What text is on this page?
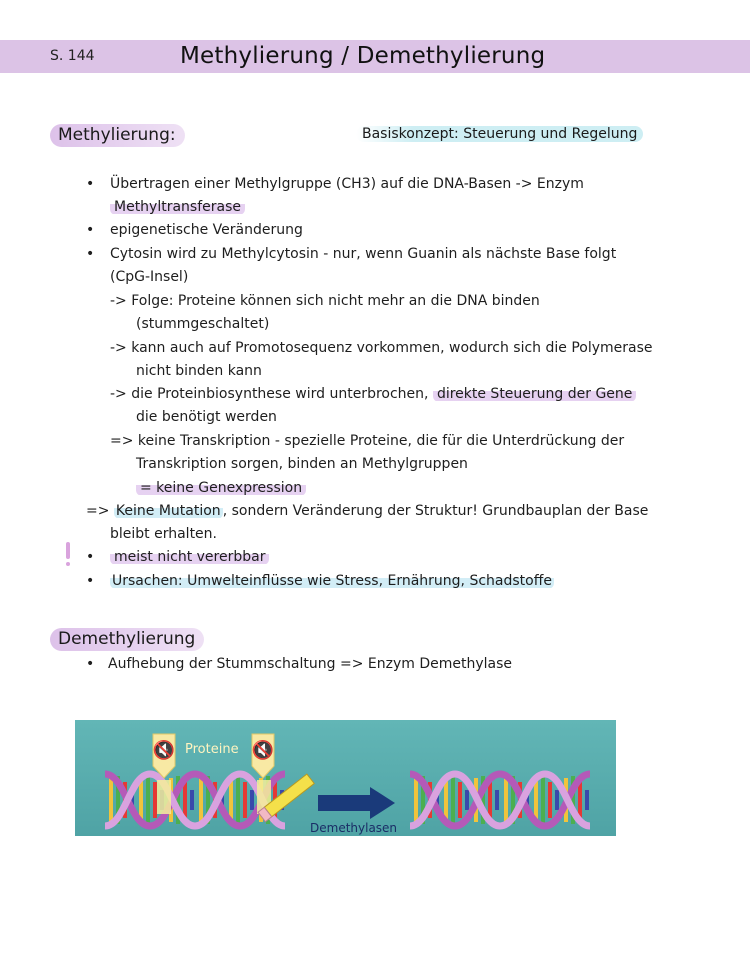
S. 144	Methylierung / Demethylierung
Methylierung:	Basiskonzept: Steuerung und Regelung
• Übertragen einer Methylgruppe (CH3) auf die DNA-Basen -> Enzym
Methyltransferase
• epigenetische Veränderung
• Cytosin wird zu Methylcytosin - nur, wenn Guanin als nächste Base folgt
(CpG-Insel)
-> Folge: Proteine können sich nicht mehr an die DNA binden
(stummgeschaltet)
-> kann auch auf Promotosequenz vorkommen, wodurch sich die Polymerase
nicht binden kann
-> die Proteinbiosynthese wird unterbrochen, direkte Steuerung der Gene
die benötigt werden
=> keine Transkription - spezielle Proteine, die für die Unterdrückung der
Transkription sorgen, binden an Methylgruppen
= keine Genexpression
=> Keine Mutation , sondern Veränderung der Struktur! Grundbauplan der Base
bleibt erhalten.
• meist nicht vererbbar
• Ursachen: Umwelteinflüsse wie Stress, Ernährung, Schadstoffe
Demethylierung
• Aufhebung der Stummschaltung => Enzym Demethylase
🔇	🔇
Proteine
Demethylasen
